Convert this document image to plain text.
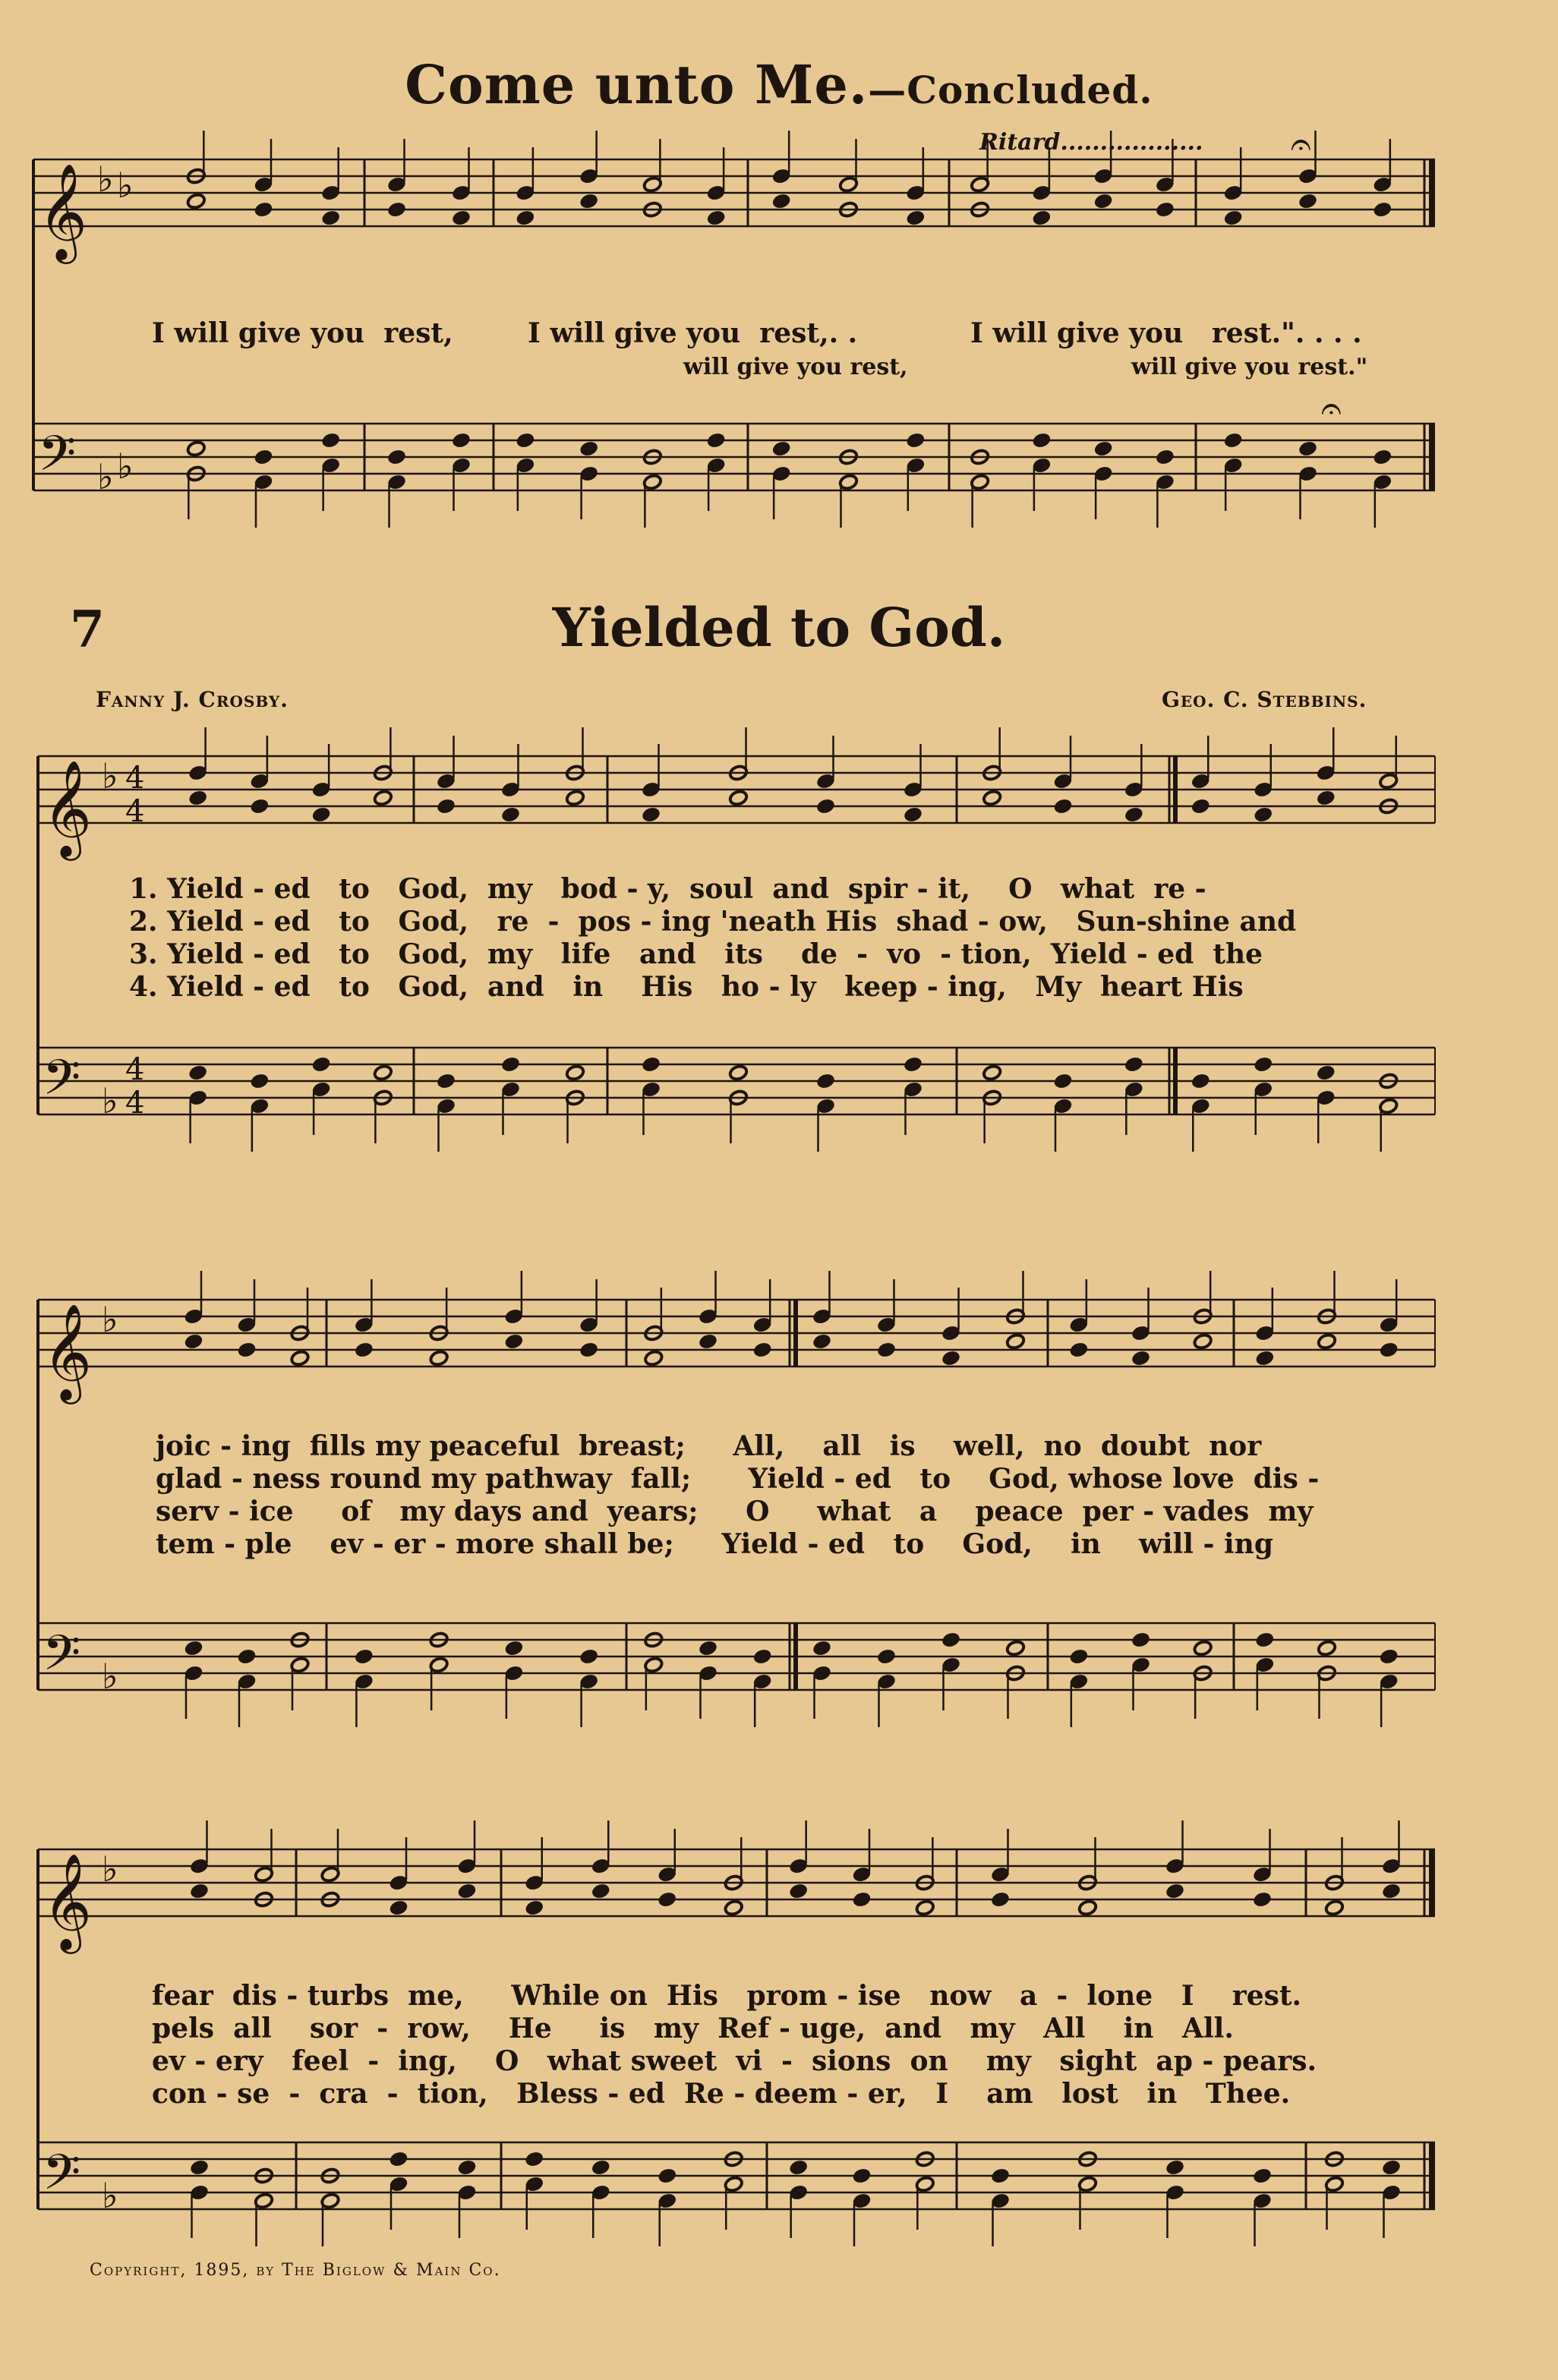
Come unto Me.—Concluded.
Ritard..................
I will give you  rest,	I will give you  rest,. .	I will give you   rest.". . . .
will give you rest,	will give you rest."
7	Yielded to God.
Fanny J. Crosby.	Geo. C. Stebbins.
1. Yield - ed   to   God,  my   bod - y,  soul  and  spir - it,    O   what  re -
2. Yield - ed   to   God,   re  -  pos - ing 'neath His  shad - ow,   Sun-shine and
3. Yield - ed   to   God,  my   life   and   its    de  -  vo  - tion,  Yield - ed  the
4. Yield - ed   to   God,  and   in    His   ho - ly   keep - ing,   My  heart His
joic - ing  fills my peaceful  breast;     All,    all   is    well,  no  doubt  nor
glad - ness round my pathway  fall;      Yield - ed   to    God, whose love  dis -
serv - ice     of   my days and  years;     O     what   a    peace  per - vades  my
tem - ple    ev - er - more shall be;     Yield - ed   to    God,    in    will - ing
fear  dis - turbs  me,     While on  His   prom - ise   now   a  -  lone   I    rest.
pels  all    sor  -  row,    He     is   my  Ref - uge,  and   my   All    in   All.
ev - ery   feel  -  ing,    O   what sweet  vi  -  sions  on    my   sight  ap - pears.
con - se  -  cra  -  tion,   Bless - ed  Re - deem - er,   I    am   lost   in   Thee.
Copyright, 1895, by The Biglow & Main Co.
𝄞
𝄢
♭
♭
♭
♭
𝄞
𝄢
♭
♭
4
4
4
4
𝄞
𝄢
♭
♭
𝄞
𝄢
♭
♭
𝄐
𝄐
